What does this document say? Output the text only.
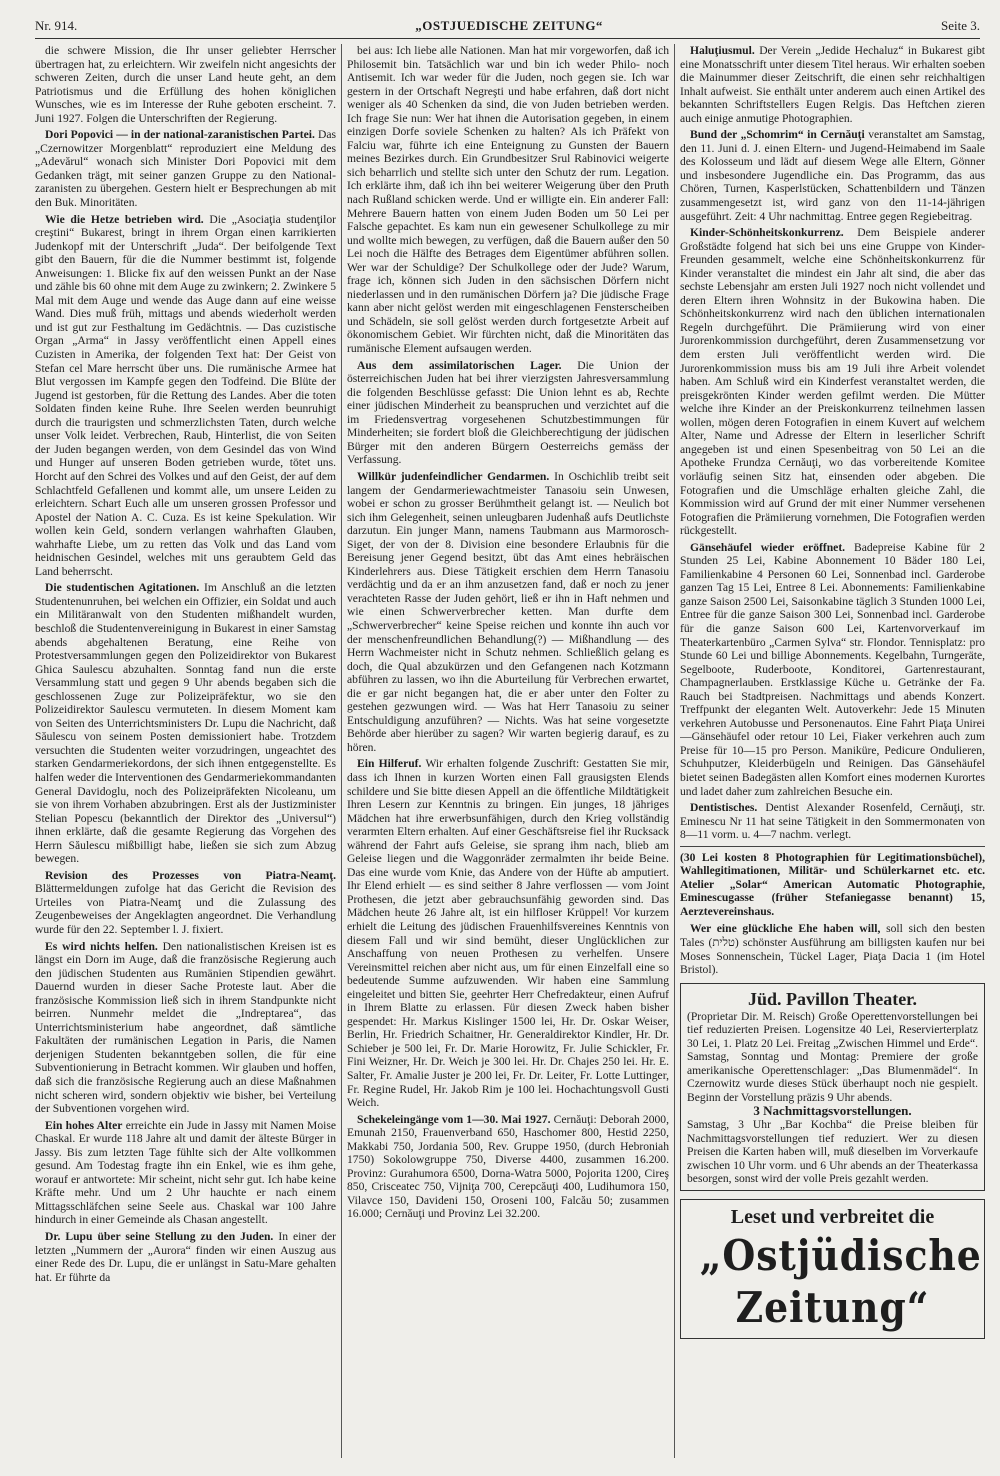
Nr. 914.	„OSTJUEDISCHE ZEITUNG“	Seite 3.

die schwere Mission, die Ihr unser geliebter Herrscher übertragen hat, zu erleichtern. Wir zweifeln nicht angesichts der schweren Zeiten, durch die unser Land heute geht, an dem Patriotismus und die Erfüllung des hohen königlichen Wunsches, wie es im Interesse der Ruhe geboten erscheint. 7. Juni 1927. Folgen die Unterschriften der Regierung.

Dori Popovici — in der national-zaranistischen Partei. Das „Czernowitzer Morgenblatt“ reproduziert eine Meldung des „Adevărul“ wonach sich Minister Dori Popovici mit dem Gedanken trägt, mit seiner ganzen Gruppe zu den National-zaranisten zu übergehen. Gestern hielt er Besprechungen ab mit den Buk. Minoritäten.

Wie die Hetze betrieben wird. Die „Asociaţia studenţilor creştini“ Bukarest, bringt in ihrem Organ einen karrikierten Judenkopf mit der Unterschrift „Juda“. Der beifolgende Text gibt den Bauern, für die die Nummer bestimmt ist, folgende Anweisungen: 1. Blicke fix auf den weissen Punkt an der Nase und zähle bis 60 ohne mit dem Auge zu zwinkern; 2. Zwinkere 5 Mal mit dem Auge und wende das Auge dann auf eine weisse Wand. Dies muß früh, mittags und abends wiederholt werden und ist gut zur Festhaltung im Gedächtnis. — Das cuzistische Organ „Arma“ in Jassy veröffentlicht einen Appell eines Cuzisten in Amerika, der folgenden Text hat: Der Geist von Stefan cel Mare herrscht über uns. Die rumänische Armee hat Blut vergossen im Kampfe gegen den Todfeind. Die Blüte der Jugend ist gestorben, für die Rettung des Landes. Aber die toten Soldaten finden keine Ruhe. Ihre Seelen werden beunruhigt durch die traurigsten und schmerzlichsten Taten, durch welche unser Volk leidet. Verbrechen, Raub, Hinterlist, die von Seiten der Juden begangen werden, von dem Gesindel das von Wind und Hunger auf unseren Boden getrieben wurde, tötet uns. Horcht auf den Schrei des Volkes und auf den Geist, der auf dem Schlachtfeld Gefallenen und kommt alle, um unsere Leiden zu erleichtern. Schart Euch alle um unseren grossen Professor und Apostel der Nation A. C. Cuza. Es ist keine Spekulation. Wir wollen kein Geld, sondern verlangen wahrhaften Glauben, wahrhafte Liebe, um zu retten das Volk und das Land vom heidnischen Gesindel, welches mit uns geraubtem Geld das Land beherrscht.

Die studentischen Agitationen. Im Anschluß an die letzten Studentenunruhen, bei welchen ein Offizier, ein Soldat und auch ein Militäranwalt von den Studenten mißhandelt wurden, beschloß die Studentenvereinigung in Bukarest in einer Samstag abends abgehaltenen Beratung, eine Reihe von Protestversammlungen gegen den Polizeidirektor von Bukarest Ghica Saulescu abzuhalten. Sonntag fand nun die erste Versammlung statt und gegen 9 Uhr abends begaben sich die geschlossenen Zuge zur Polizeipräfektur, wo sie den Polizeidirektor Saulescu vermuteten. In diesem Moment kam von Seiten des Unterrichtsministers Dr. Lupu die Nachricht, daß Săulescu von seinem Posten demissioniert habe. Trotzdem versuchten die Studenten weiter vorzudringen, ungeachtet des starken Gendarmeriekordons, der sich ihnen entgegenstellte. Es halfen weder die Interventionen des Gendarmeriekommandanten General Davidoglu, noch des Polizeipräfekten Nicoleanu, um sie von ihrem Vorhaben abzubringen. Erst als der Justizminister Stelian Popescu (bekanntlich der Direktor des „Universul“) ihnen erklärte, daß die gesamte Regierung das Vorgehen des Herrn Săulescu mißbilligt habe, ließen sie sich zum Abzug bewegen.

Revision des Prozesses von Piatra-Neamţ. Blättermeldungen zufolge hat das Gericht die Revision des Urteiles von Piatra-Neamţ und die Zulassung des Zeugenbeweises der Angeklagten angeordnet. Die Verhandlung wurde für den 22. September l. J. fixiert.

Es wird nichts helfen. Den nationalistischen Kreisen ist es längst ein Dorn im Auge, daß die französische Regierung auch den jüdischen Studenten aus Rumänien Stipendien gewährt. Dauernd wurden in dieser Sache Proteste laut. Aber die französische Kommission ließ sich in ihrem Standpunkte nicht beirren. Nunmehr meldet die „Indreptarea“, das Unterrichtsministerium habe angeordnet, daß sämtliche Fakultäten der rumänischen Legation in Paris, die Namen derjenigen Studenten bekanntgeben sollen, die für eine Subventionierung in Betracht kommen. Wir glauben und hoffen, daß sich die französische Regierung auch an diese Maßnahmen nicht scheren wird, sondern objektiv wie bisher, bei Verteilung der Subventionen vorgehen wird.

Ein hohes Alter erreichte ein Jude in Jassy mit Namen Moise Chaskal. Er wurde 118 Jahre alt und damit der älteste Bürger in Jassy. Bis zum letzten Tage fühlte sich der Alte vollkommen gesund. Am Todestag fragte ihn ein Enkel, wie es ihm gehe, worauf er antwortete: Mir scheint, nicht sehr gut. Ich habe keine Kräfte mehr. Und um 2 Uhr hauchte er nach einem Mittagsschläfchen seine Seele aus. Chaskal war 100 Jahre hindurch in einer Gemeinde als Chasan angestellt.

Dr. Lupu über seine Stellung zu den Juden. In einer der letzten „Nummern der „Aurora“ finden wir einen Auszug aus einer Rede des Dr. Lupu, die er unlängst in Satu-Mare gehalten hat. Er führte da

bei aus: Ich liebe alle Nationen. Man hat mir vorgeworfen, daß ich Philosemit bin. Tatsächlich war und bin ich weder Philo- noch Antisemit. Ich war weder für die Juden, noch gegen sie. Ich war gestern in der Ortschaft Negreşti und habe erfahren, daß dort nicht weniger als 40 Schenken da sind, die von Juden betrieben werden. Ich frage Sie nun: Wer hat ihnen die Autorisation gegeben, in einem einzigen Dorfe soviele Schenken zu halten? Als ich Präfekt von Falciu war, führte ich eine Enteignung zu Gunsten der Bauern meines Bezirkes durch. Ein Grundbesitzer Srul Rabinovici weigerte sich beharrlich und stellte sich unter den Schutz der rum. Legation. Ich erklärte ihm, daß ich ihn bei weiterer Weigerung über den Pruth nach Rußland schicken werde. Und er willigte ein. Ein anderer Fall: Mehrere Bauern hatten von einem Juden Boden um 50 Lei per Falsche gepachtet. Es kam nun ein gewesener Schulkollege zu mir und wollte mich bewegen, zu verfügen, daß die Bauern außer den 50 Lei noch die Hälfte des Betrages dem Eigentümer abführen sollen. Wer war der Schuldige? Der Schulkollege oder der Jude? Warum, frage ich, können sich Juden in den sächsischen Dörfern nicht niederlassen und in den rumänischen Dörfern ja? Die jüdische Frage kann aber nicht gelöst werden mit eingeschlagenen Fensterscheiben und Schädeln, sie soll gelöst werden durch fortgesetzte Arbeit auf ökonomischem Gebiet. Wir fürchten nicht, daß die Minoritäten das rumänische Element aufsaugen werden.

Aus dem assimilatorischen Lager. Die Union der österreichischen Juden hat bei ihrer vierzigsten Jahresversammlung die folgenden Beschlüsse gefasst: Die Union lehnt es ab, Rechte einer jüdischen Minderheit zu beanspruchen und verzichtet auf die im Friedensvertrag vorgesehenen Schutzbestimmungen für Minderheiten; sie fordert bloß die Gleichberechtigung der jüdischen Bürger mit den anderen Bürgern Oesterreichs gemäss der Verfassung.

Willkür judenfeindlicher Gendarmen. In Oschichlib treibt seit langem der Gendarmeriewachtmeister Tanasoiu sein Unwesen, wobei er schon zu grosser Berühmtheit gelangt ist. — Neulich bot sich ihm Gelegenheit, seinen unleugbaren Judenhaß aufs Deutlichste darzutun. Ein junger Mann, namens Taubmann aus Marmorosch-Siget, der von der 8. Division eine besondere Erlaubnis für die Bereisung jener Gegend besitzt, übt das Amt eines hebräischen Kinderlehrers aus. Diese Tätigkeit erschien dem Herrn Tanasoiu verdächtig und da er an ihm anzusetzen fand, daß er noch zu jener verachteten Rasse der Juden gehört, ließ er ihn in Haft nehmen und wie einen Schwerverbrecher ketten. Man durfte dem „Schwerverbrecher“ keine Speise reichen und konnte ihn auch vor der menschenfreundlichen Behandlung(?) — Mißhandlung — des Herrn Wachmeister nicht in Schutz nehmen. Schließlich gelang es doch, die Qual abzukürzen und den Gefangenen nach Kotzmann abführen zu lassen, wo ihn die Aburteilung für Verbrechen erwartet, die er gar nicht begangen hat, die er aber unter den Folter zu gestehen gezwungen wird. — Was hat Herr Tanasoiu zu seiner Entschuldigung anzuführen? — Nichts. Was hat seine vorgesetzte Behörde aber hierüber zu sagen? Wir warten begierig darauf, es zu hören.

Ein Hilferuf. Wir erhalten folgende Zuschrift: Gestatten Sie mir, dass ich Ihnen in kurzen Worten einen Fall grausigsten Elends schildere und Sie bitte diesen Appell an die öffentliche Mildtätigkeit Ihren Lesern zur Kenntnis zu bringen. Ein junges, 18 jähriges Mädchen hat ihre erwerbsunfähigen, durch den Krieg vollständig verarmten Eltern erhalten. Auf einer Geschäftsreise fiel ihr Rucksack während der Fahrt aufs Geleise, sie sprang ihm nach, blieb am Geleise liegen und die Waggonräder zermalmten ihr beide Beine. Das eine wurde vom Knie, das Andere von der Hüfte ab amputiert. Ihr Elend erhielt — es sind seither 8 Jahre verflossen — vom Joint Prothesen, die jetzt aber gebrauchsunfähig geworden sind. Das Mädchen heute 26 Jahre alt, ist ein hilfloser Krüppel! Vor kurzem erhielt die Leitung des jüdischen Frauenhilfsvereines Kenntnis von diesem Fall und wir sind bemüht, dieser Unglücklichen zur Anschaffung von neuen Prothesen zu verhelfen. Unsere Vereinsmittel reichen aber nicht aus, um für einen Einzelfall eine so bedeutende Summe aufzuwenden. Wir haben eine Sammlung eingeleitet und bitten Sie, geehrter Herr Chefredakteur, einen Aufruf in Ihrem Blatte zu erlassen. Für diesen Zweck haben bisher gespendet: Hr. Markus Kislinger 1500 lei, Hr. Dr. Oskar Weiser, Berlin, Hr. Friedrich Schaitner, Hr. Generaldirektor Kindler, Hr. Dr. Schieber je 500 lei, Fr. Dr. Marie Horowitz, Fr. Julie Schickler, Fr. Fini Weizner, Hr. Dr. Weich je 300 lei. Hr. Dr. Chajes 250 lei. Hr. E. Salter, Fr. Amalie Juster je 200 lei, Fr. Dr. Leiter, Fr. Lotte Luttinger, Fr. Regine Rudel, Hr. Jakob Rim je 100 lei. Hochachtungsvoll Gusti Weich.

Schekeleingänge vom 1—30. Mai 1927. Cernăuţi: Deborah 2000, Emunah 2150, Frauenverband 650, Haschomer 800, Hestid 2250, Makkabi 750, Jordania 500, Rev. Gruppe 1950, (durch Hebroniah 1750) Sokolowgruppe 750, Diverse 4400, zusammen 16.200. Provinz: Gurahumora 6500, Dorna-Watra 5000, Pojorita 1200, Cireş 850, Crisceatec 750, Vijniţa 700, Cerepcăuţi 400, Ludihumora 150, Vilavce 150, Davideni 150, Oroseni 100, Falcău 50; zusammen 16.000; Cernăuţi und Provinz Lei 32.200.

Haluţiusmul. Der Verein „Jedide Hechaluz“ in Bukarest gibt eine Monatsschrift unter diesem Titel heraus. Wir erhalten soeben die Mainummer dieser Zeitschrift, die einen sehr reichhaltigen Inhalt aufweist. Sie enthält unter anderem auch einen Artikel des bekannten Schriftstellers Eugen Relgis. Das Heftchen zieren auch einige anmutige Photographien.

Bund der „Schomrim“ in Cernăuţi veranstaltet am Samstag, den 11. Juni d. J. einen Eltern- und Jugend-Heimabend im Saale des Kolosseum und lädt auf diesem Wege alle Eltern, Gönner und insbesondere Jugendliche ein. Das Programm, das aus Chören, Turnen, Kasperlstücken, Schattenbildern und Tänzen zusammengesetzt ist, wird ganz von den 11-14-jährigen ausgeführt. Zeit: 4 Uhr nachmittag. Entree gegen Regiebeitrag.

Kinder-Schönheitskonkurrenz. Dem Beispiele anderer Großstädte folgend hat sich bei uns eine Gruppe von Kinder-Freunden gesammelt, welche eine Schönheitskonkurrenz für Kinder veranstaltet die mindest ein Jahr alt sind, die aber das sechste Lebensjahr am ersten Juli 1927 noch nicht vollendet und deren Eltern ihren Wohnsitz in der Bukowina haben. Die Schönheitskonkurrenz wird nach den üblichen internationalen Regeln durchgeführt. Die Prämiierung wird von einer Jurorenkommission durchgeführt, deren Zusammensetzung vor dem ersten Juli veröffentlicht werden wird. Die Jurorenkommission muss bis am 19 Juli ihre Arbeit volendet haben. Am Schluß wird ein Kinderfest veranstaltet werden, die preisgekrönten Kinder werden gefilmt werden. Die Mütter welche ihre Kinder an der Preiskonkurrenz teilnehmen lassen wollen, mögen deren Fotografien in einem Kuvert auf welchem Alter, Name und Adresse der Eltern in leserlicher Schrift angegeben ist und einen Spesenbeitrag von 50 Lei an die Apotheke Frundza Cernăuţi, wo das vorbereitende Komitee vorläufig seinen Sitz hat, einsenden oder abgeben. Die Fotografien und die Umschläge erhalten gleiche Zahl, die Kommission wird auf Grund der mit einer Nummer versehenen Fotografien die Prämiierung vornehmen, Die Fotografien werden rückgestellt.

Gänsehäufel wieder eröffnet. Badepreise Kabine für 2 Stunden 25 Lei, Kabine Abonnement 10 Bäder 180 Lei, Familienkabine 4 Personen 60 Lei, Sonnenbad incl. Garderobe ganzen Tag 15 Lei, Entree 8 Lei. Abonnements: Familienkabine ganze Saison 2500 Lei, Saisonkabine täglich 3 Stunden 1000 Lei, Entree für die ganze Saison 300 Lei, Sonnenbad incl. Garderobe für die ganze Saison 600 Lei, Kartenvorverkauf im Theaterkartenbüro „Carmen Sylva“ str. Flondor. Tennisplatz: pro Stunde 60 Lei und billige Abonnements. Kegelbahn, Turngeräte, Segelboote, Ruderboote, Konditorei, Gartenrestaurant, Champagnerlauben. Erstklassige Küche u. Getränke der Fa. Rauch bei Stadtpreisen. Nachmittags und abends Konzert. Treffpunkt der eleganten Welt. Autoverkehr: Jede 15 Minuten verkehren Autobusse und Personenautos. Eine Fahrt Piaţa Unirei—Gänsehäufel oder retour 10 Lei, Fiaker verkehren auch zum Preise für 10—15 pro Person. Maniküre, Pedicure Ondulieren, Schuhputzer, Kleiderbügeln und Reinigen. Das Gänsehäufel bietet seinen Badegästen allen Komfort eines modernen Kurortes und ladet daher zum zahlreichen Besuche ein.

Dentistisches. Dentist Alexander Rosenfeld, Cernăuţi, str. Eminescu Nr 11 hat seine Tätigkeit in den Sommermonaten von 8—11 vorm. u. 4—7 nachm. verlegt.

(30 Lei kosten 8 Photographien für Legitimationsbüchel), Wahllegitimationen, Militär- und Schülerkarnet etc. etc. Atelier „Solar“ American Automatic Photographie, Eminescugasse (früher Stefaniegasse benannt) 15, Aerztevereinshaus.

Wer eine glückliche Ehe haben will, soll sich den besten Tales (טלית) schönster Ausführung am billigsten kaufen nur bei Moses Sonnenschein, Tückel Lager, Piaţa Dacia 1 (im Hotel Bristol).

Jüd. Pavillon Theater.
(Proprietar Dir. M. Reisch) Große Operettenvorstellungen bei tief reduzierten Preisen. Logensitze 40 Lei, Reservierterplatz 30 Lei, 1. Platz 20 Lei. Freitag „Zwischen Himmel und Erde“. Samstag, Sonntag und Montag: Premiere der große amerikanische Operettenschlager: „Das Blumenmädel“. In Czernowitz wurde dieses Stück überhaupt noch nie gespielt. Beginn der Vorstellung präzis 9 Uhr abends.
3 Nachmittagsvorstellungen.
Samstag, 3 Uhr „Bar Kochba“ die Preise bleiben für Nachmittagsvorstellungen tief reduziert. Wer zu diesen Preisen die Karten haben will, muß dieselben im Vorverkaufe zwischen 10 Uhr vorm. und 6 Uhr abends an der Theaterkassa besorgen, sonst wird der volle Preis gezahlt werden.
Leset und verbreitet die
„Ostjüdische Zeitung“
